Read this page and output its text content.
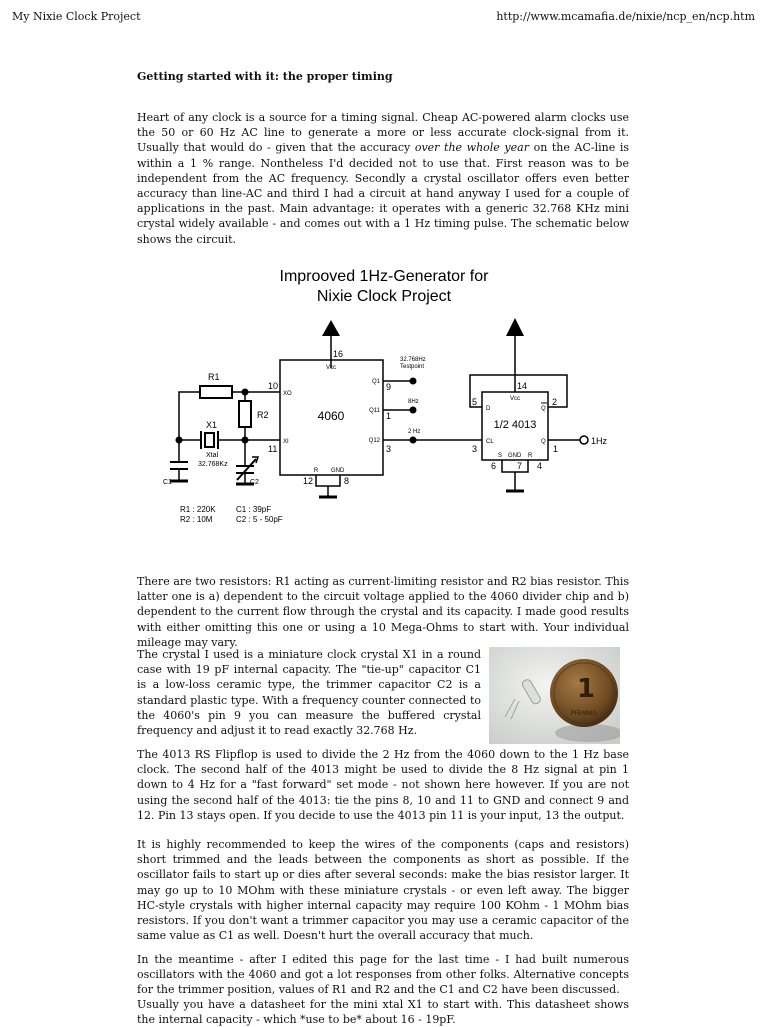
My Nixie Clock Project	http://www.mcamafia.de/nixie/ncp_en/ncp.htm
Getting started with it: the proper timing

Heart of any clock is a source for a timing signal. Cheap AC-powered alarm clocks use the 50 or 60 Hz AC line to generate a more or less accurate clock-signal from it. Usually that would do - given that the accuracy over the whole year on the AC-line is within a 1 % range. Nontheless I'd decided not to use that. First reason was to be independent from the AC frequency. Secondly a crystal oscillator offers even better accuracy than line-AC and third I had a circuit at hand anyway I used for a couple of applications in the past. Main advantage: it operates with a generic 32.768 KHz mini crystal widely available - and comes out with a 1 Hz timing pulse. The schematic below shows the circuit.

Improoved 1Hz-Generator for
Nixie Clock Project
4060
Vcc
XO
XI
Q1
Q11
Q12
R GND
16
10
11
9
1
3
12	8
1/2 4013
Vcc
D	Q
CL	Q
S GND R
14
5	2
3	1
6 7 4
32.768Hz
Testpoint
8Hz
2 Hz
1Hz
R1
R2
X1
Xtal
32.768Kz
C1	C2
R1 : 220K
R2 : 10M
C1 : 39pF
C2 : 5 - 50pF

There are two resistors: R1 acting as current-limiting resistor and R2 bias resistor. This latter one is a) dependent to the circuit voltage applied to the 4060 divider chip and b) dependent to the current flow through the crystal and its capacity. I made good results with either omitting this one or using a 10 Mega-Ohms to start with. Your individual mileage may vary.

The crystal I used is a miniature clock crystal X1 in a round case with 19 pF internal capacity. The "tie-up" capacitor C1 is a low-loss ceramic type, the trimmer capacitor C2 is a standard plastic type. With a frequency counter connected to the 4060's pin 9 you can measure the buffered crystal frequency and adjust it to read exactly 32.768 Hz.

1
PFENNIG

The 4013 RS Flipflop is used to divide the 2 Hz from the 4060 down to the 1 Hz base clock. The second half of the 4013 might be used to divide the 8 Hz signal at pin 1 down to 4 Hz for a "fast forward" set mode - not shown here however. If you are not using the second half of the 4013: tie the pins 8, 10 and 11 to GND and connect 9 and 12. Pin 13 stays open. If you decide to use the 4013 pin 11 is your input, 13 the output.

It is highly recommended to keep the wires of the components (caps and resistors) short trimmed and the leads between the components as short as possible. If the oscillator fails to start up or dies after several seconds: make the bias resistor larger. It may go up to 10 MOhm with these miniature crystals - or even left away. The bigger HC-style crystals with higher internal capacity may require 100 KOhm - 1 MOhm bias resistors. If you don't want a trimmer capacitor you may use a ceramic capacitor of the same value as C1 as well. Doesn't hurt the overall accuracy that much.

In the meantime - after I edited this page for the last time - I had built numerous oscillators with the 4060 and got a lot responses from other folks. Alternative concepts for the trimmer position, values of R1 and R2 and the C1 and C2 have been discussed.

Usually you have a datasheet for the mini xtal X1 to start with. This datasheet shows the internal capacity - which *use to be* about 16 - 19pF.
